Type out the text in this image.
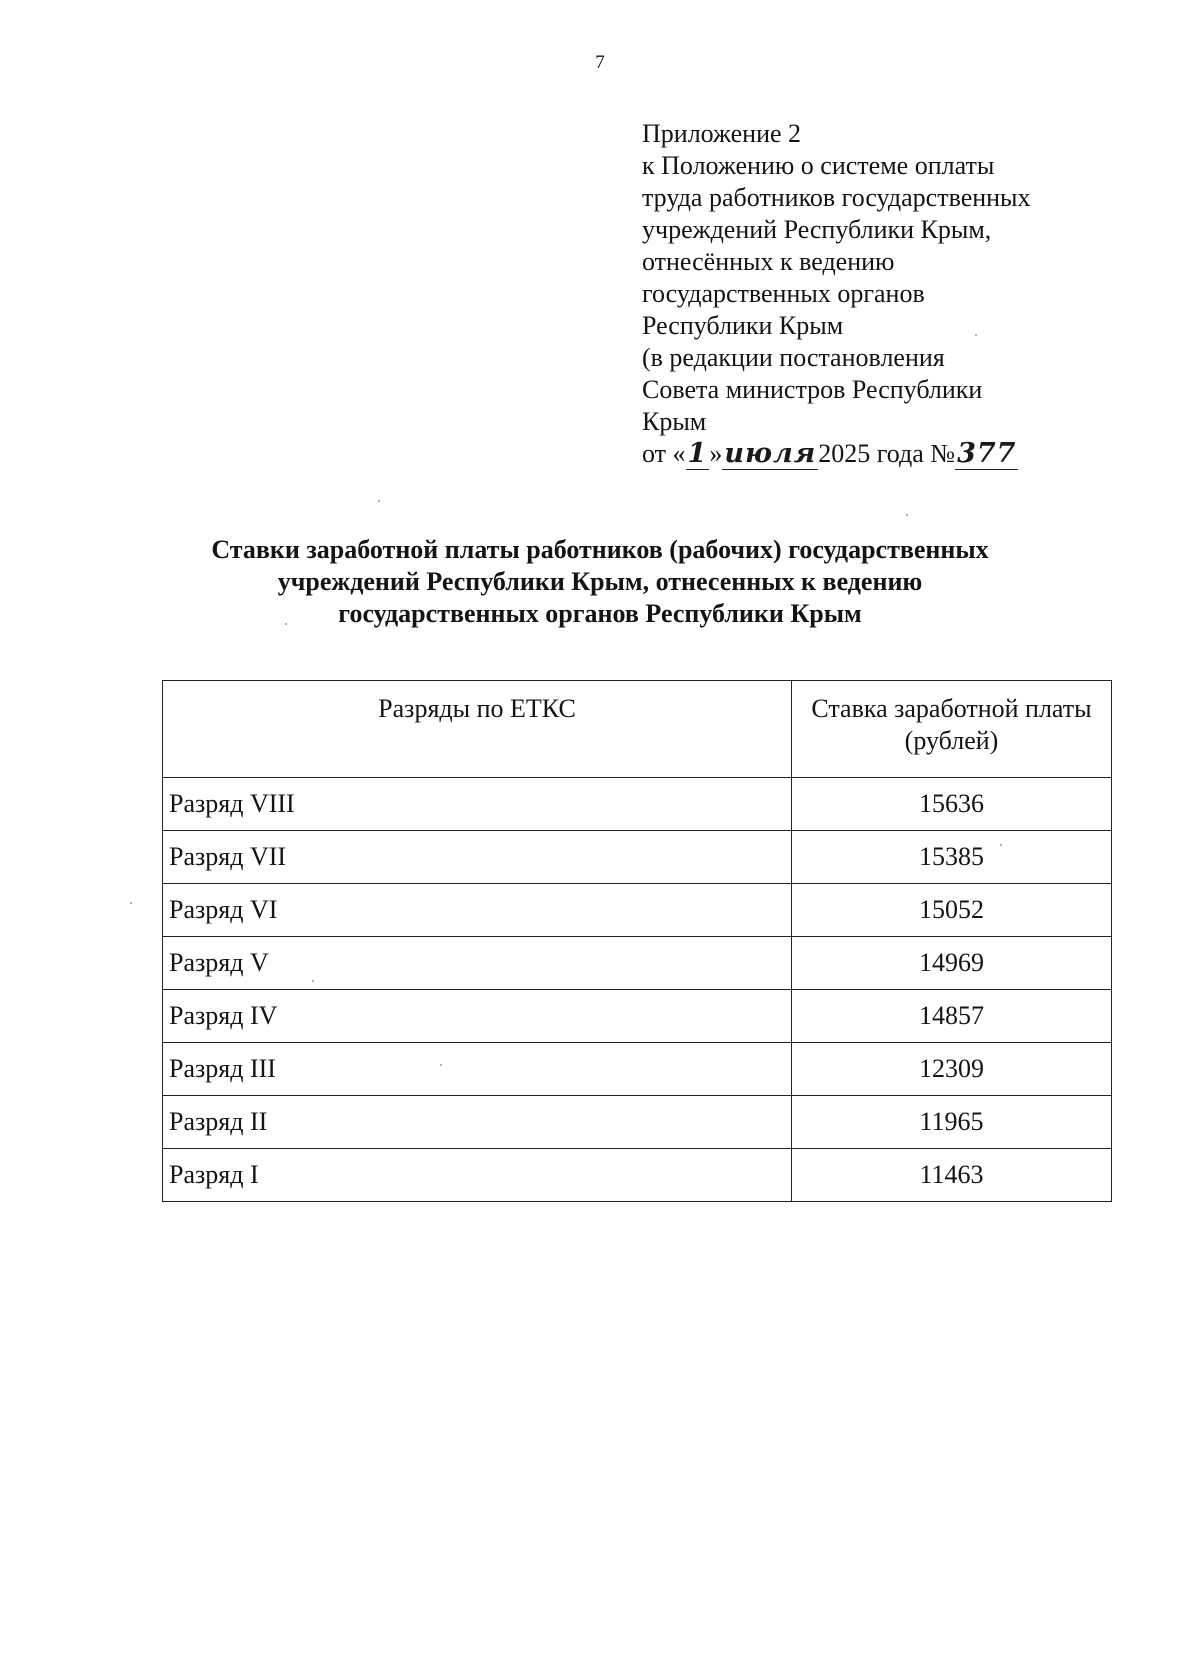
7
Приложение 2
к Положению о системе оплаты
труда работников государственных
учреждений Республики Крым,
отнесённых к ведению
государственных органов
Республики Крым
(в редакции постановления
Совета министров Республики
Крым
от «1»июля2025 года №377
Ставки заработной платы работников (рабочих) государственных
учреждений Республики Крым, отнесенных к ведению
государственных органов Республики Крым
Разряды по ЕТКС	Ставка заработной платы (рублей)
Разряд VIII	15636
Разряд VII	15385
Разряд VI	15052
Разряд V	14969
Разряд IV	14857
Разряд III	12309
Разряд II	11965
Разряд I	11463
